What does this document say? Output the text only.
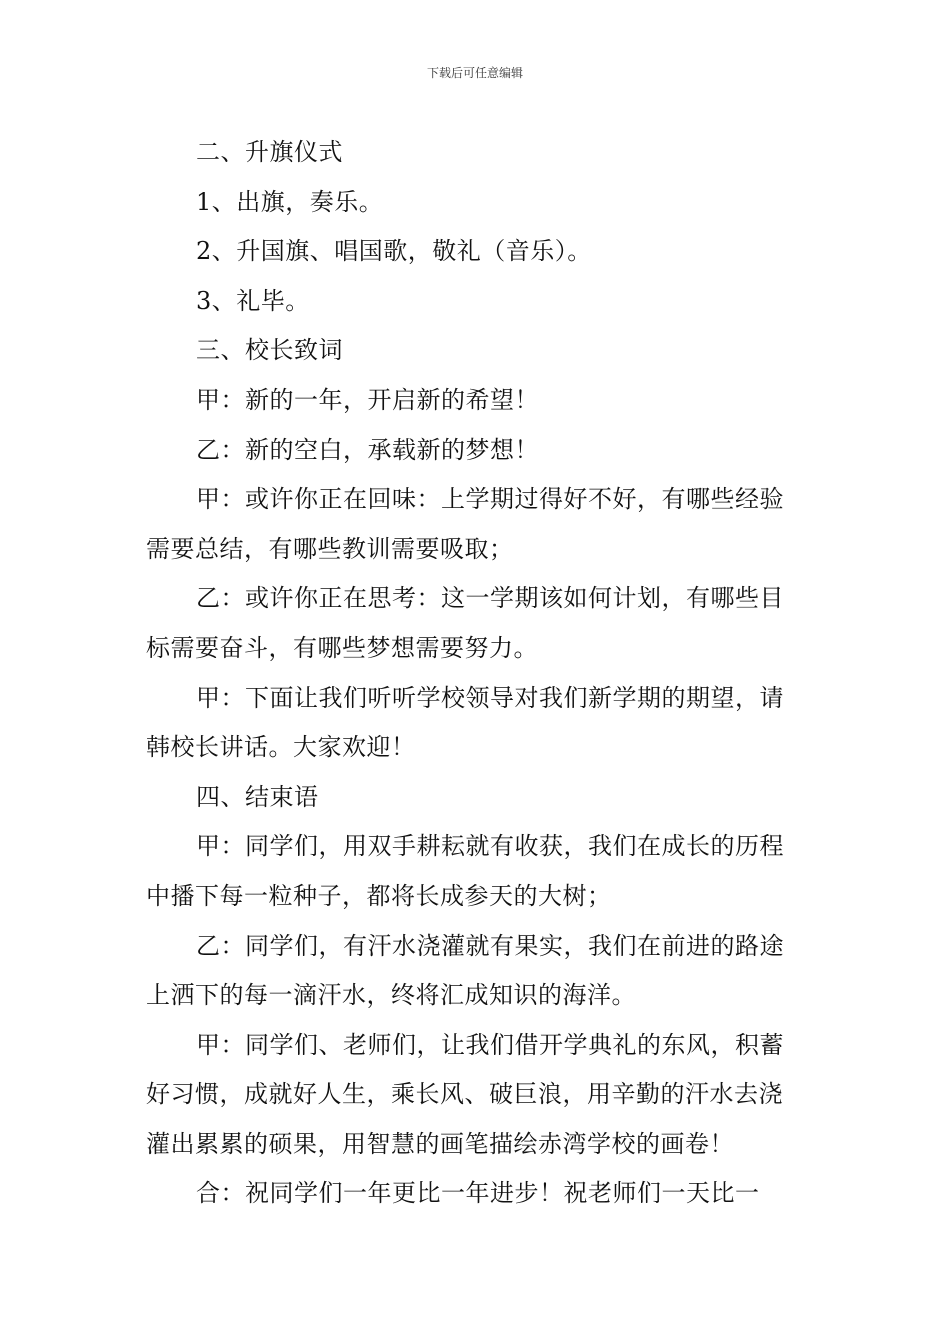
下载后可任意编辑

二、升旗仪式

1、出旗，奏乐。

2、升国旗、唱国歌，敬礼（音乐）。

3、礼毕。

三、校长致词

甲：新的一年，开启新的希望！

乙：新的空白，承载新的梦想！

甲：或许你正在回味：上学期过得好不好，有哪些经验需要总结，有哪些教训需要吸取；

乙：或许你正在思考：这一学期该如何计划，有哪些目标需要奋斗，有哪些梦想需要努力。

甲：下面让我们听听学校领导对我们新学期的期望，请韩校长讲话。大家欢迎！

四、结束语

甲：同学们，用双手耕耘就有收获，我们在成长的历程中播下每一粒种子，都将长成参天的大树；

乙：同学们，有汗水浇灌就有果实，我们在前进的路途上洒下的每一滴汗水，终将汇成知识的海洋。

甲：同学们、老师们，让我们借开学典礼的东风，积蓄好习惯，成就好人生，乘长风、破巨浪，用辛勤的汗水去浇灌出累累的硕果，用智慧的画笔描绘赤湾学校的画卷！

合：祝同学们一年更比一年进步！祝老师们一天比一
